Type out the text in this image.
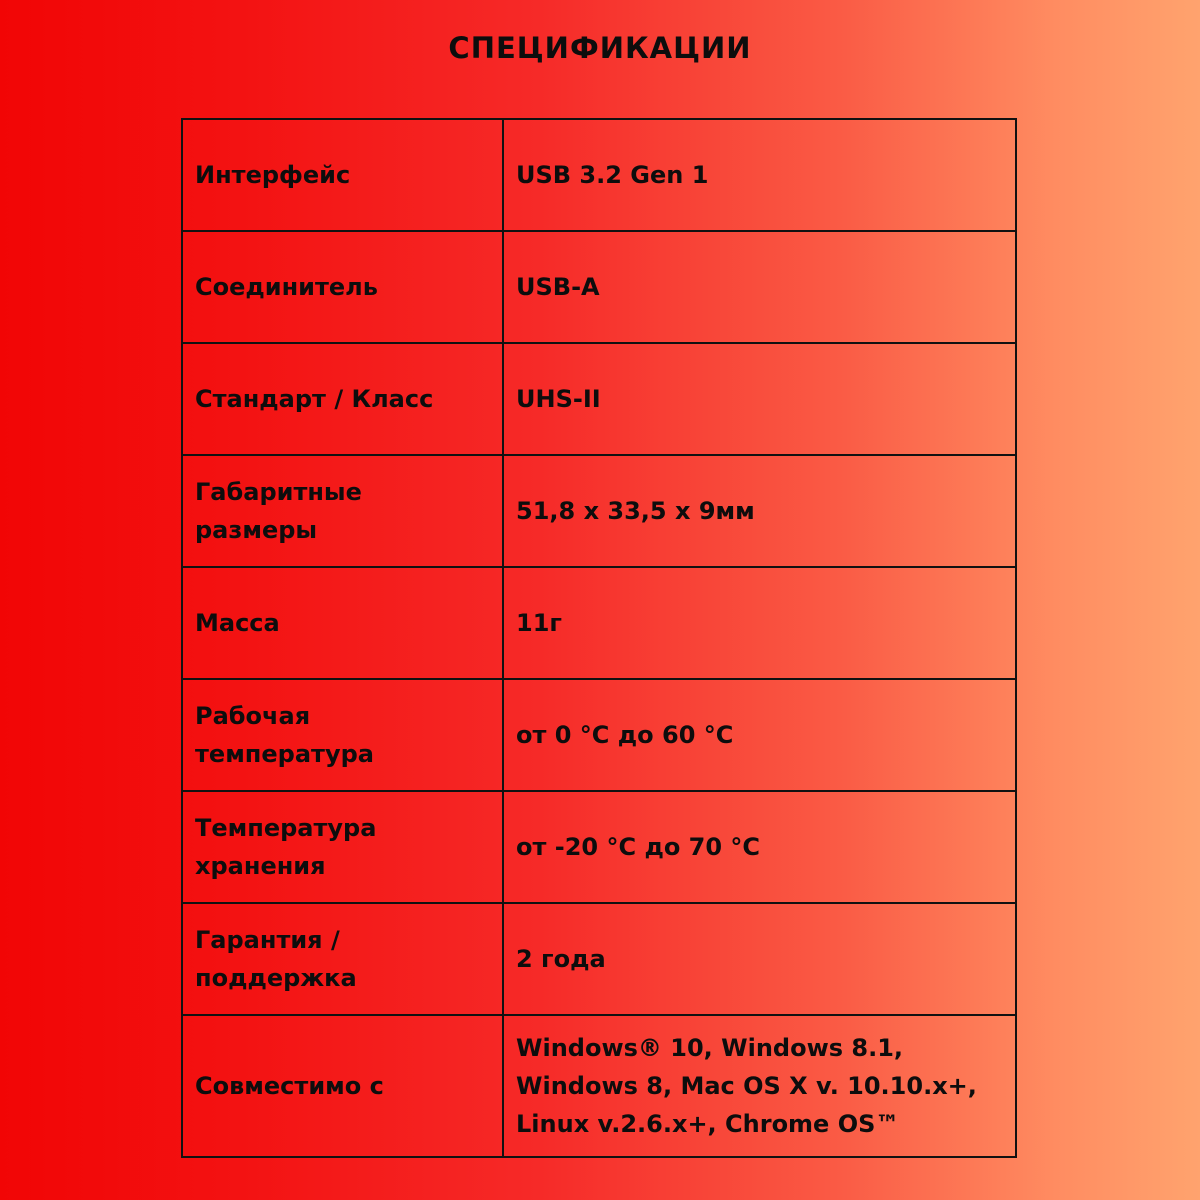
СПЕЦИФИКАЦИИ
Интерфейс	USB 3.2 Gen 1

Соединитель	USB-A

Стандарт / Класс	UHS-II

Габаритные
размеры	51,8 x 33,5 x 9мм

Масса	11г

Рабочая
температура	от 0 °C до 60 °C

Температура
хранения	от -20 °C до 70 °C

Гарантия /
поддержка	2 года

Совместимо с	Windows® 10, Windows 8.1,
Windows 8, Mac OS X v. 10.10.x+,
Linux v.2.6.x+, Chrome OS™
